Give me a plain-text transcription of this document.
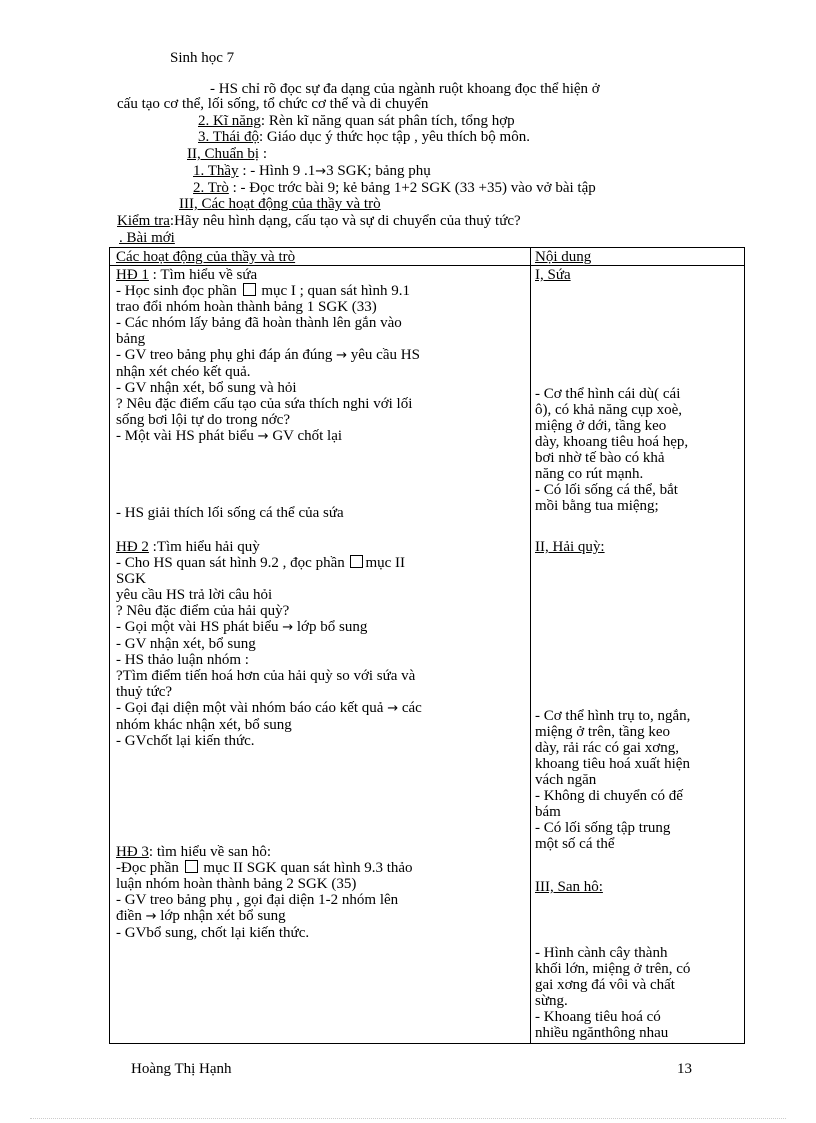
Sinh học 7
- HS chỉ rõ đọc sự đa dạng của ngành ruột khoang đọc thể hiện ở
cấu tạo cơ thể, lối sống, tổ chức cơ thể và di chuyển
2. Kĩ năng: Rèn kĩ năng quan sát phân tích, tổng hợp
3. Thái độ: Giáo dục ý thức học tập , yêu thích bộ môn.
II, Chuẩn bị :
1. Thầy : - Hình 9 .1→3 SGK; bảng phụ
2. Trò : - Đọc trớc bài 9; kẻ bảng 1+2 SGK (33 +35) vào vở bài tập
III, Các hoạt động của thầy và trò
Kiểm tra:Hãy nêu hình dạng, cấu tạo và sự di chuyển của thuỷ tức?
. Bài mới
Các hoạt động của thầy và trò	Nội dung
HĐ 1 : Tìm hiểu về sứa
- Học sinh đọc phần  mục I ; quan sát hình 9.1
trao đổi nhóm hoàn thành bảng 1 SGK (33)
- Các nhóm lấy bảng đã hoàn thành lên gắn vào
bảng
- GV treo bảng phụ ghi đáp án đúng → yêu cầu HS
nhận xét chéo kết quả.
- GV nhận xét, bổ sung và hỏi
? Nêu đặc điểm cấu tạo của sứa thích nghi với lối
sống bơi lội tự do trong nớc?
- Một vài HS phát biểu → GV chốt lại
- HS giải thích lối sống cá thể của sứa
HĐ 2 :Tìm hiểu hải quỳ
- Cho HS quan sát hình 9.2 , đọc phần mục II
SGK
yêu cầu HS trả lời câu hỏi
? Nêu đặc điểm của hải quỳ?
- Gọi một vài HS phát biểu → lớp bổ sung
- GV nhận xét, bổ sung
- HS thảo luận nhóm :
?Tìm điểm tiến hoá hơn của hải quỳ so với sứa và
thuỷ tức?
- Gọi đại diện một vài nhóm báo cáo kết quả → các
nhóm khác nhận xét, bổ sung
- GVchốt lại kiến thức.
HĐ 3: tìm hiểu về san hô:
-Đọc phần  mục II SGK quan sát hình 9.3 thảo
luận nhóm hoàn thành bảng 2 SGK (35)
- GV treo bảng phụ , gọi đại diện 1-2 nhóm lên
điền → lớp nhận xét bổ sung
- GVbổ sung, chốt lại kiến thức.
I, Sứa
- Cơ thể hình cái dù( cái
ô), có khả năng cụp xoè,
miệng ở dới, tầng keo
dày, khoang tiêu hoá hẹp,
bơi nhờ tế bào có khả
năng co rút mạnh.
- Có lối sống cá thể, bắt
mồi bằng tua miệng;
II, Hải quỳ:
- Cơ thể hình trụ to, ngắn,
miệng ở trên, tầng keo
dày, rải rác có gai xơng,
khoang tiêu hoá xuất hiện
vách ngăn
- Không di chuyển có đế
bám
- Có lối sống tập trung
một số cá thể
III, San hô:
- Hình cành cây thành
khối lớn, miệng ở trên, có
gai xơng đá vôi và chất
sừng.
- Khoang tiêu hoá có
nhiều ngănthông nhau
Hoàng Thị Hạnh	13
